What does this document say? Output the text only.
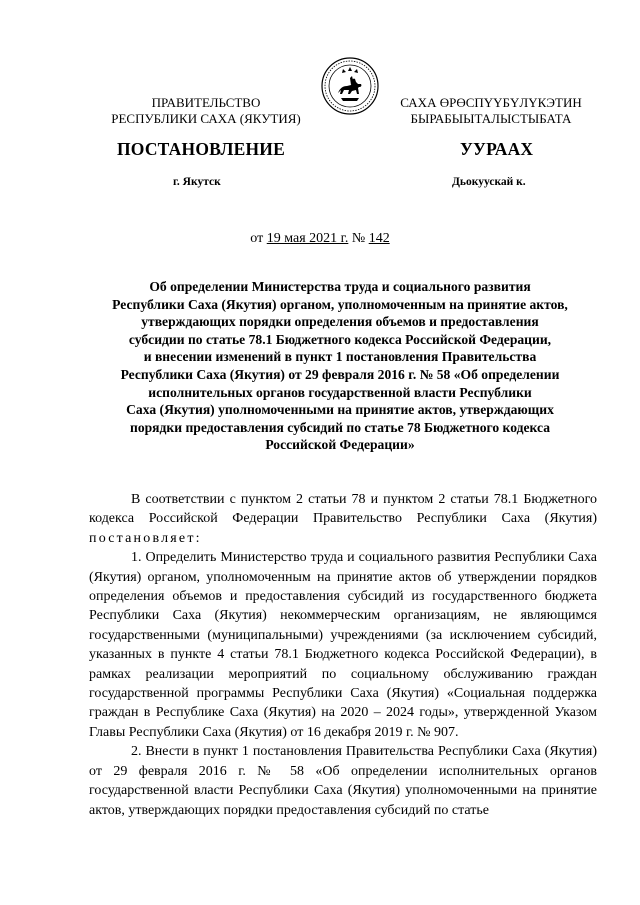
ПРАВИТЕЛЬСТВО
РЕСПУБЛИКИ САХА (ЯКУТИЯ)
САХА ӨРӨСПҮҮБҮЛҮКЭТИН
БЫРАБЫЫТАЛЫСТЫБАТА
ПОСТАНОВЛЕНИЕ	УУРААХ
г. Якутск	Дьокуускай к.
от 19 мая 2021 г. № 142
Об определении Министерства труда и социального развития
Республики Саха (Якутия) органом, уполномоченным на принятие актов,
утверждающих порядки определения объемов и предоставления
субсидии по статье 78.1 Бюджетного кодекса Российской Федерации,
и внесении изменений в пункт 1 постановления Правительства
Республики Саха (Якутия) от 29 февраля 2016 г. № 58 «Об определении
исполнительных органов государственной власти Республики
Саха (Якутия) уполномоченными на принятие актов, утверждающих
порядки предоставления субсидий по статье 78 Бюджетного кодекса
Российской Федерации»

В соответствии с пунктом 2 статьи 78 и пунктом 2 статьи 78.1 Бюджетного кодекса Российской Федерации Правительство Республики Саха (Якутия) постановляет:

1. Определить Министерство труда и социального развития Республики Саха (Якутия) органом, уполномоченным на принятие актов об утверждении порядков определения объемов и предоставления субсидий из государственного бюджета Республики Саха (Якутия) некоммерческим организациям, не являющимся государственными (муниципальными) учреждениями (за исключением субсидий, указанных в пункте 4 статьи 78.1 Бюджетного кодекса Российской Федерации), в рамках реализации мероприятий по социальному обслуживанию граждан государственной программы Республики Саха (Якутия) «Социальная поддержка граждан в Республике Саха (Якутия) на 2020 – 2024 годы», утвержденной Указом Главы Республики Саха (Якутия) от 16 декабря 2019 г. № 907.

2. Внести в пункт 1 постановления Правительства Республики Саха (Якутия) от 29 февраля 2016 г. № 58 «Об определении исполнительных органов государственной власти Республики Саха (Якутия) уполномоченными на принятие актов, утверждающих порядки предоставления субсидий по статье
